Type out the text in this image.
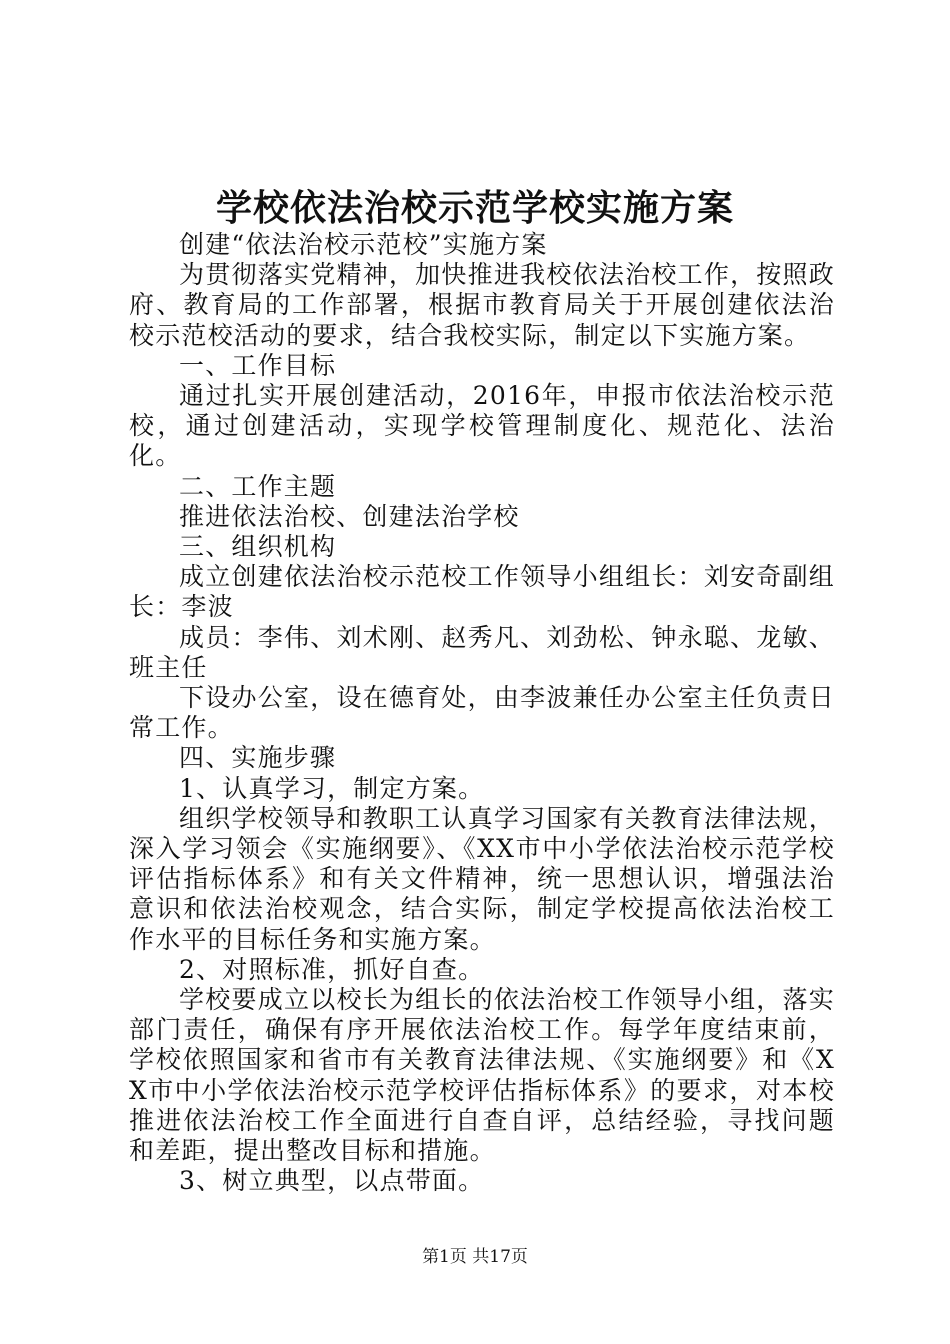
学校依法治校示范学校实施方案

创建“依法治校示范校”实施方案

为贯彻落实党精神，加快推进我校依法治校工作，按照政府、教育局的工作部署，根据市教育局关于开展创建依法治校示范校活动的要求，结合我校实际，制定以下实施方案。

一、工作目标

通过扎实开展创建活动，2016年，申报市依法治校示范校，通过创建活动，实现学校管理制度化、规范化、法治化。

二、工作主题

推进依法治校、创建法治学校

三、组织机构

成立创建依法治校示范校工作领导小组组长：刘安奇副组长：李波

成员：李伟、刘术刚、赵秀凡、刘劲松、钟永聪、龙敏、班主任

下设办公室，设在德育处，由李波兼任办公室主任负责日常工作。

四、实施步骤

1、认真学习，制定方案。

组织学校领导和教职工认真学习国家有关教育法律法规，深入学习领会《实施纲要》、《XX市中小学依法治校示范学校评估指标体系》和有关文件精神，统一思想认识，增强法治意识和依法治校观念，结合实际，制定学校提高依法治校工作水平的目标任务和实施方案。

2、对照标准，抓好自查。

学校要成立以校长为组长的依法治校工作领导小组，落实部门责任，确保有序开展依法治校工作。每学年度结束前，学校依照国家和省市有关教育法律法规、《实施纲要》和《XX市中小学依法治校示范学校评估指标体系》的要求，对本校推进依法治校工作全面进行自查自评，总结经验，寻找问题和差距，提出整改目标和措施。

3、树立典型，以点带面。

第1页 共17页
